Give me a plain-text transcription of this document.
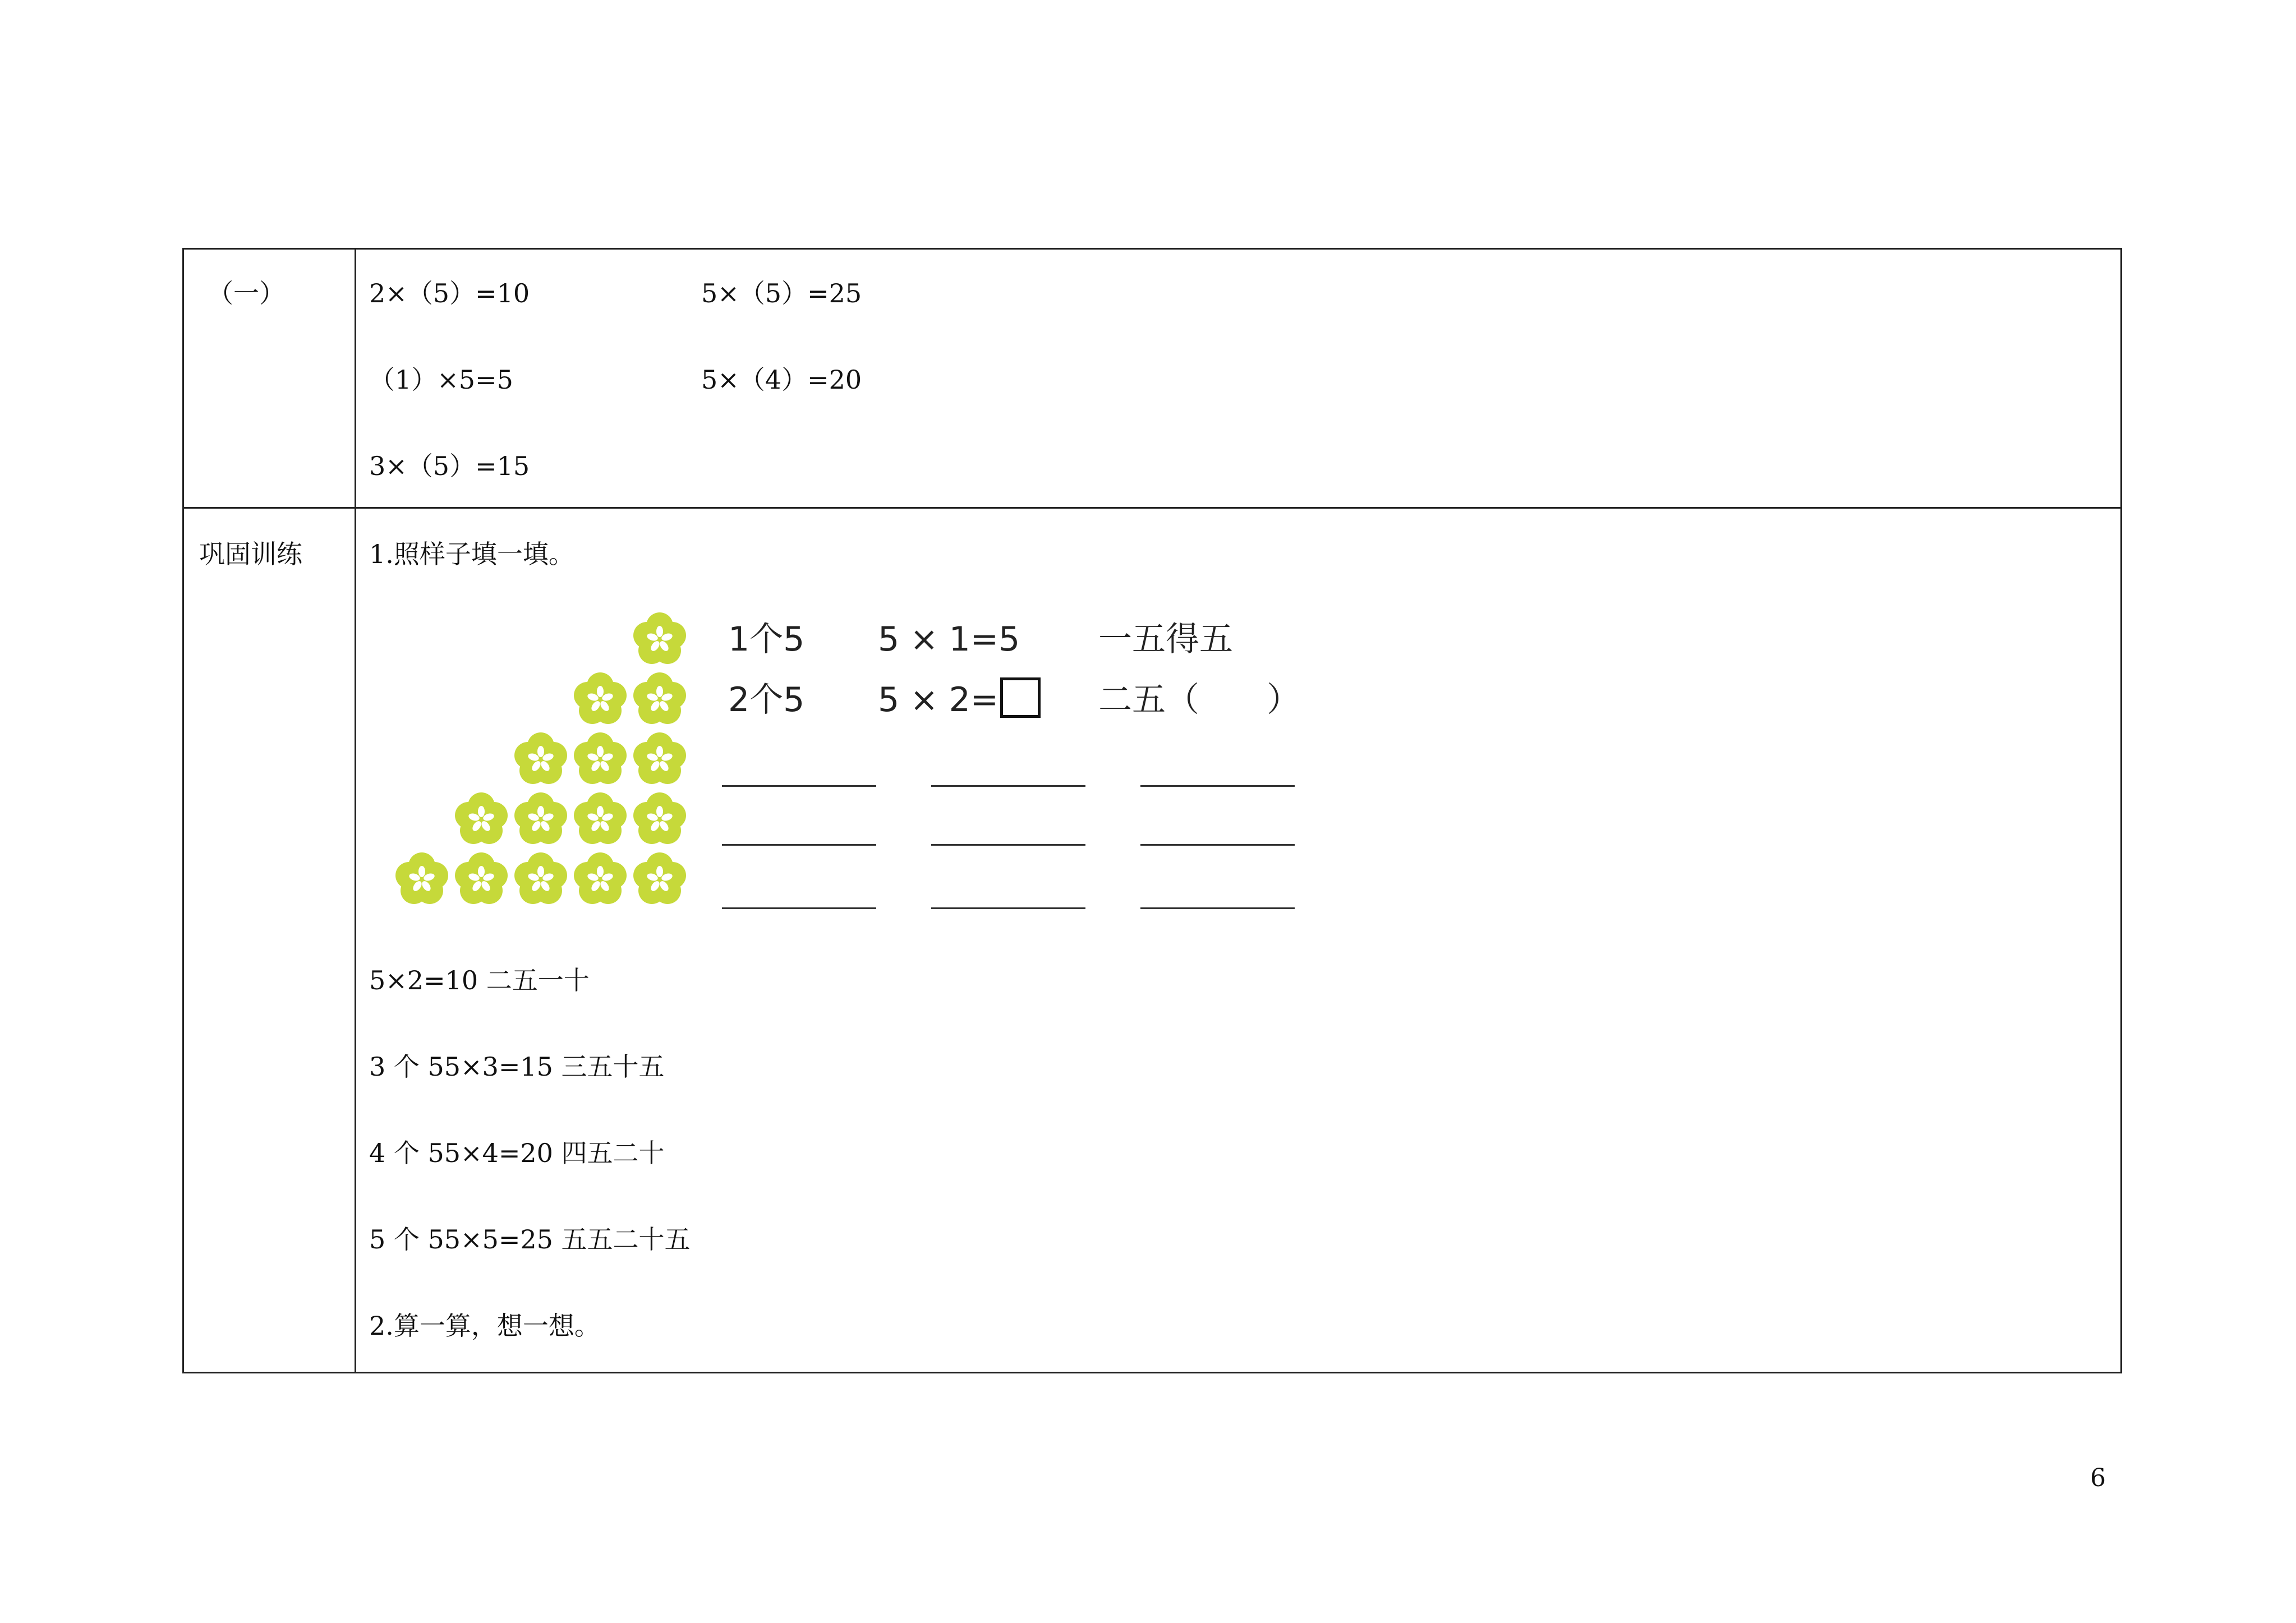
（一）	2×（5）=10	5×（5）=25
（1）×5=5	5×（4）=20
3×（5）=15
巩固训练	1.照样子填一填。
1个5 5 × 1=5 一五得五
2个5 5 × 2=	二五（　　）
5×2=10 二五一十
3 个 55×3=15 三五十五
4 个 55×4=20 四五二十
5 个 55×5=25 五五二十五
2.算一算，想一想。
6
